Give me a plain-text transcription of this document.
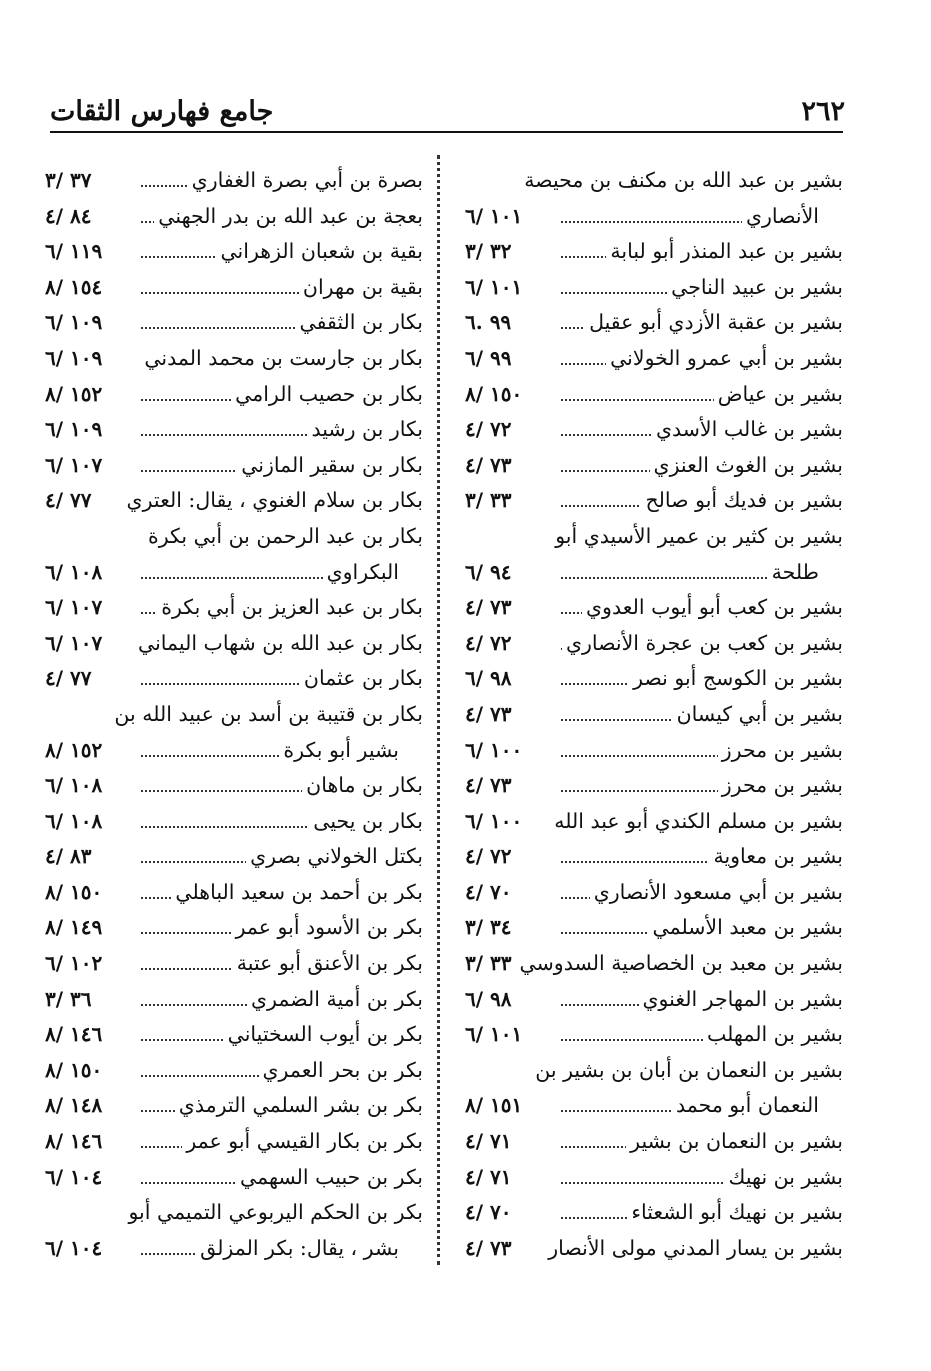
٢٦٢
جامع فهارس الثقات
بشير بن عبد الله بن مكنف بن محيصة
الأنصاري
١٠١ /٦
بشير بن عبد المنذر أبو لبابة
٣٢ /٣
بشير بن عبيد الناجي
١٠١ /٦
بشير بن عقبة الأزدي أبو عقيل
٩٩ .٦
بشير بن أبي عمرو الخولاني
٩٩ /٦
بشير بن عياض
١٥٠ /٨
بشير بن غالب الأسدي
٧٢ /٤
بشير بن الغوث العنزي
٧٣ /٤
بشير بن فديك أبو صالح
٣٣ /٣
بشير بن كثير بن عمير الأسيدي أبو
طلحة
٩٤ /٦
بشير بن كعب أبو أيوب العدوي
٧٣ /٤
بشير بن كعب بن عجرة الأنصاري
٧٢ /٤
بشير بن الكوسج أبو نصر
٩٨ /٦
بشير بن أبي كيسان
٧٣ /٤
بشير بن محرز
١٠٠ /٦
بشير بن محرز
٧٣ /٤
بشير بن مسلم الكندي أبو عبد الله
١٠٠ /٦
بشير بن معاوية
٧٢ /٤
بشير بن أبي مسعود الأنصاري
٧٠ /٤
بشير بن معبد الأسلمي
٣٤ /٣
بشير بن معبد بن الخصاصية السدوسي
٣٣ /٣
بشير بن المهاجر الغنوي
٩٨ /٦
بشير بن المهلب
١٠١ /٦
بشير بن النعمان بن أبان بن بشير بن
النعمان أبو محمد
١٥١ /٨
بشير بن النعمان بن بشير
٧١ /٤
بشير بن نهيك
٧١ /٤
بشير بن نهيك أبو الشعثاء
٧٠ /٤
بشير بن يسار المدني مولى الأنصار
٧٣ /٤
بصرة بن أبي بصرة الغفاري
٣٧ /٣
بعجة بن عبد الله بن بدر الجهني
٨٤ /٤
بقية بن شعبان الزهراني
١١٩ /٦
بقية بن مهران
١٥٤ /٨
بكار بن الثقفي
١٠٩ /٦
بكار بن جارست بن محمد المدني
١٠٩ /٦
بكار بن حصيب الرامي
١٥٢ /٨
بكار بن رشيد
١٠٩ /٦
بكار بن سقير المازني
١٠٧ /٦
بكار بن سلام الغنوي ، يقال: العتري
٧٧ /٤
بكار بن عبد الرحمن بن أبي بكرة
البكراوي
١٠٨ /٦
بكار بن عبد العزيز بن أبي بكرة
١٠٧ /٦
بكار بن عبد الله بن شهاب اليماني
١٠٧ /٦
بكار بن عثمان
٧٧ /٤
بكار بن قتيبة بن أسد بن عبيد الله بن
بشير أبو بكرة
١٥٢ /٨
بكار بن ماهان
١٠٨ /٦
بكار بن يحيى
١٠٨ /٦
بكتل الخولاني بصري
٨٣ /٤
بكر بن أحمد بن سعيد الباهلي
١٥٠ /٨
بكر بن الأسود أبو عمر
١٤٩ /٨
بكر بن الأعنق أبو عتبة
١٠٢ /٦
بكر بن أمية الضمري
٣٦ /٣
بكر بن أيوب السختياني
١٤٦ /٨
بكر بن بحر العمري
١٥٠ /٨
بكر بن بشر السلمي الترمذي
١٤٨ /٨
بكر بن بكار القيسي أبو عمر
١٤٦ /٨
بكر بن حبيب السهمي
١٠٤ /٦
بكر بن الحكم اليربوعي التميمي أبو
بشر ، يقال: بكر المزلق
١٠٤ /٦
